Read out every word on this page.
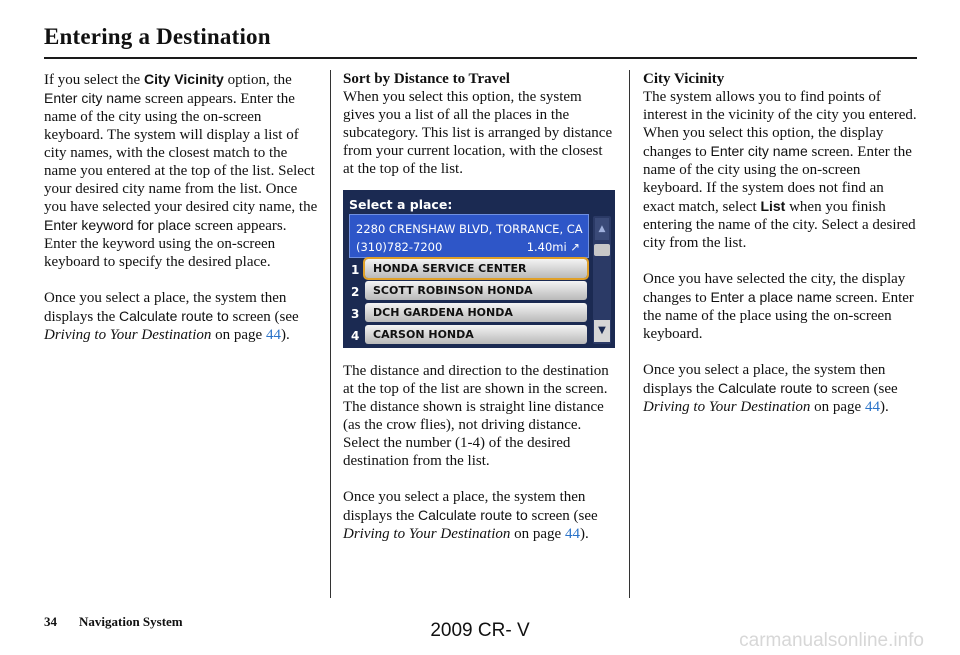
Entering a Destination

If you select the City Vicinity option, the Enter city name screen appears. Enter the name of the city using the on-screen keyboard. The system will display a list of city names, with the closest match to the name you entered at the top of the list. Select your desired city name from the list. Once you have selected your desired city name, the Enter keyword for place screen appears. Enter the keyword using the on-screen keyboard to specify the desired place.

Once you select a place, the system then displays the Calculate route to screen (see Driving to Your Destination on page 44).

Sort by Distance to Travel

When you select this option, the system gives you a list of all the places in the subcategory. This list is arranged by distance from your current location, with the closest at the top of the list.

Select a place:
2280 CRENSHAW BLVD, TORRANCE, CA
(310)782-7200	1.40mi ↗
▲
▼
1	HONDA SERVICE CENTER
2	SCOTT ROBINSON HONDA
3	DCH GARDENA HONDA
4	CARSON HONDA

The distance and direction to the destination at the top of the list are shown in the screen. The distance shown is straight line distance (as the crow flies), not driving distance. Select the number (1-4) of the desired destination from the list.

Once you select a place, the system then displays the Calculate route to screen (see Driving to Your Destination on page 44).

City Vicinity

The system allows you to find points of interest in the vicinity of the city you entered. When you select this option, the display changes to Enter city name screen. Enter the name of the city using the on-screen keyboard. If the system does not find an exact match, select List when you finish entering the name of the city. Select a desired city from the list.

Once you have selected the city, the display changes to Enter a place name screen. Enter the name of the place using the on-screen keyboard.

Once you select a place, the system then displays the Calculate route to screen (see Driving to Your Destination on page 44).

34 Navigation System	2009 CR- V	carmanualsonline.info
